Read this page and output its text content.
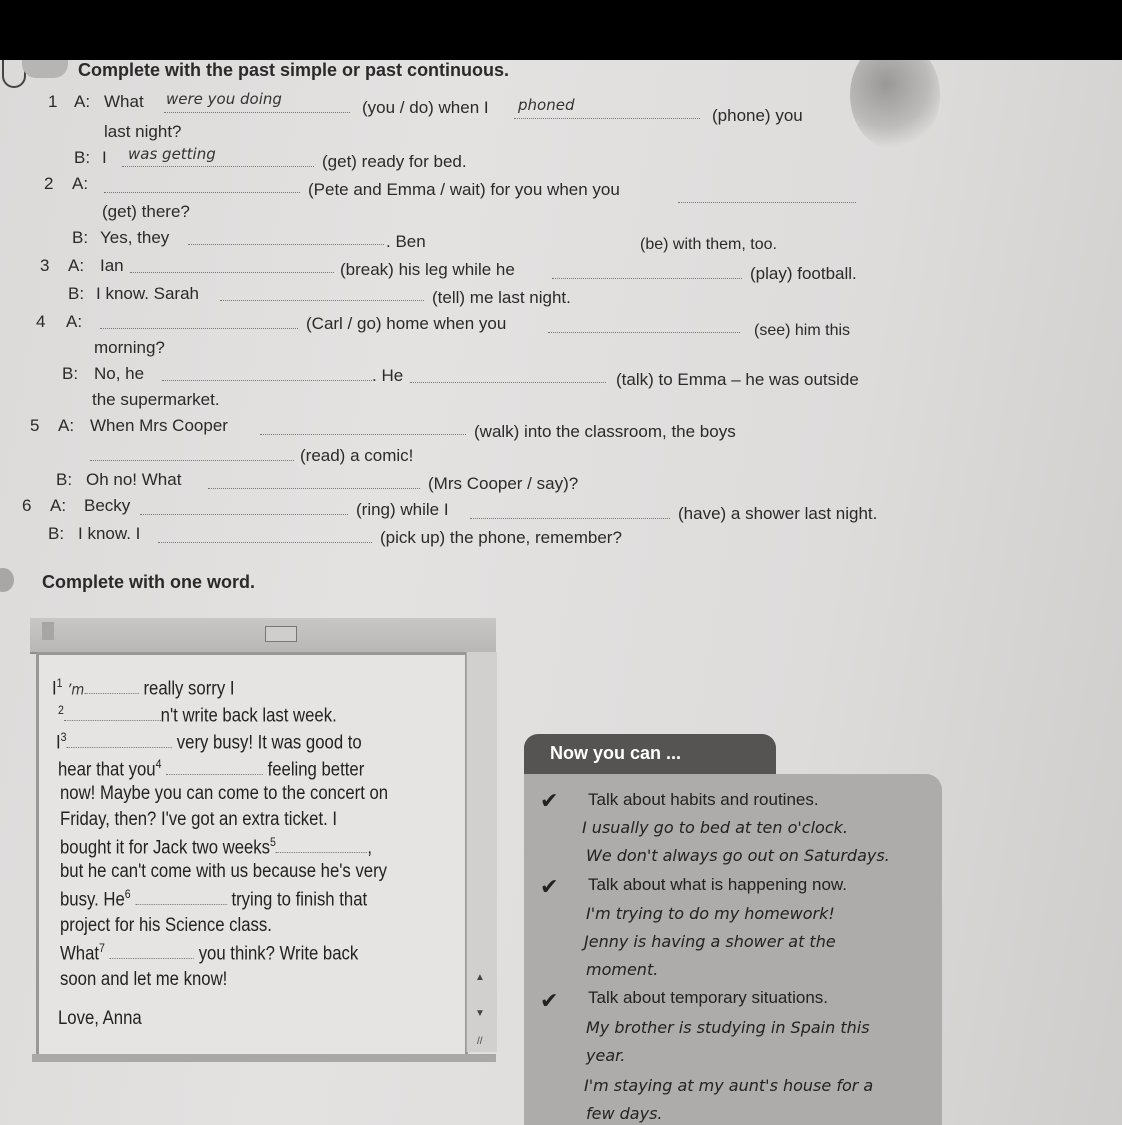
Complete with the past simple or past continuous.
1 A: What were you doing	(you / do) when I phoned
(phone) you
last night?
B: I was getting	(get) ready for bed.
2 A:	(Pete and Emma / wait) for you when you
(get) there?
B: Yes, they	. Ben	(be) with them, too.
3 A: Ian	(break) his leg while he	(play) football.
B: I know. Sarah	(tell) me last night.
4 A:	(Carl / go) home when you	(see) him this
morning?
B: No, he	. He	(talk) to Emma – he was outside
the supermarket.
5 A: When Mrs Cooper	(walk) into the classroom, the boys
(read) a comic!
B: Oh no! What	(Mrs Cooper / say)?
6 A: Becky	(ring) while I	(have) a shower last night.
B: I know. I	(pick up) the phone, remember?
Complete with one word.
▲
▼
//
$I^1$ ’m	really sorry I
$^2$	n't write back last week.
$I^3$	very busy! It was good to
hear that you$^4$	feeling better
now! Maybe you can come to the concert on
Friday, then? I've got an extra ticket. I
bought it for Jack two weeks$^5$	,
but he can't come with us because he's very
busy. He$^6$	trying to finish that
project for his Science class.
What$^7$	you think? Write back
soon and let me know!
Love, Anna
Now you can ...
✔ Talk about habits and routines.
I usually go to bed at ten o'clock.
We don't always go out on Saturdays.
✔ Talk about what is happening now.
I'm trying to do my homework!
Jenny is having a shower at the
moment.
✔ Talk about temporary situations.
My brother is studying in Spain this
year.
I'm staying at my aunt's house for a
few days.
